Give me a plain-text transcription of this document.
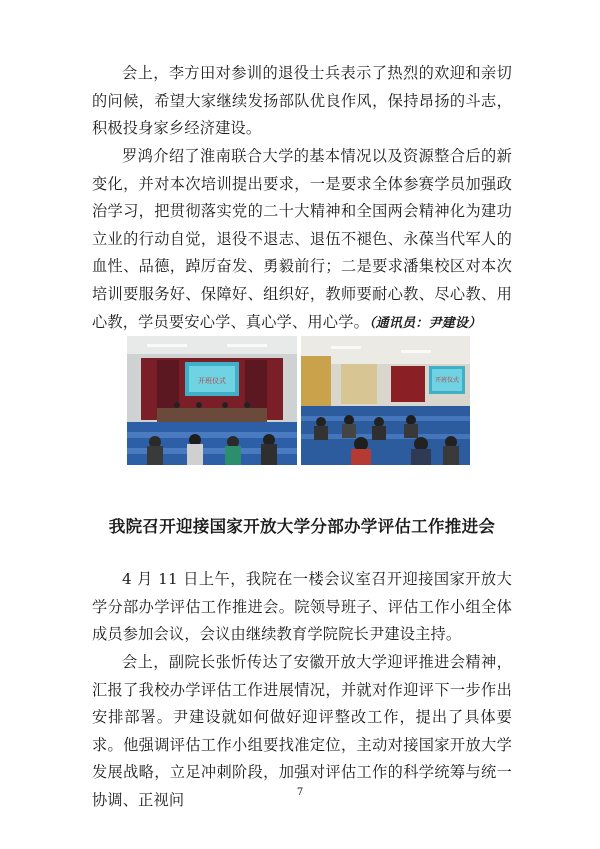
会上，李方田对参训的退役士兵表示了热烈的欢迎和亲切的问候，希望大家继续发扬部队优良作风，保持昂扬的斗志，积极投身家乡经济建设。

罗鸿介绍了淮南联合大学的基本情况以及资源整合后的新变化，并对本次培训提出要求，一是要求全体参赛学员加强政治学习，把贯彻落实党的二十大精神和全国两会精神化为建功立业的行动自觉，退役不退志、退伍不褪色、永葆当代军人的血性、品德，踔厉奋发、勇毅前行；二是要求潘集校区对本次培训要服务好、保障好、组织好，教师要耐心教、尽心教、用心教，学员要安心学、真心学、用心学。（通讯员：尹建设）

开班仪式	开班仪式
我院召开迎接国家开放大学分部办学评估工作推进会

4 月 11 日上午，我院在一楼会议室召开迎接国家开放大学分部办学评估工作推进会。院领导班子、评估工作小组全体成员参加会议，会议由继续教育学院院长尹建设主持。

会上，副院长张忻传达了安徽开放大学迎评推进会精神，汇报了我校办学评估工作进展情况，并就对作迎评下一步作出安排部署。尹建设就如何做好迎评整改工作，提出了具体要求。他强调评估工作小组要找准定位，主动对接国家开放大学发展战略，立足冲刺阶段，加强对评估工作的科学统筹与统一协调、正视问	7
